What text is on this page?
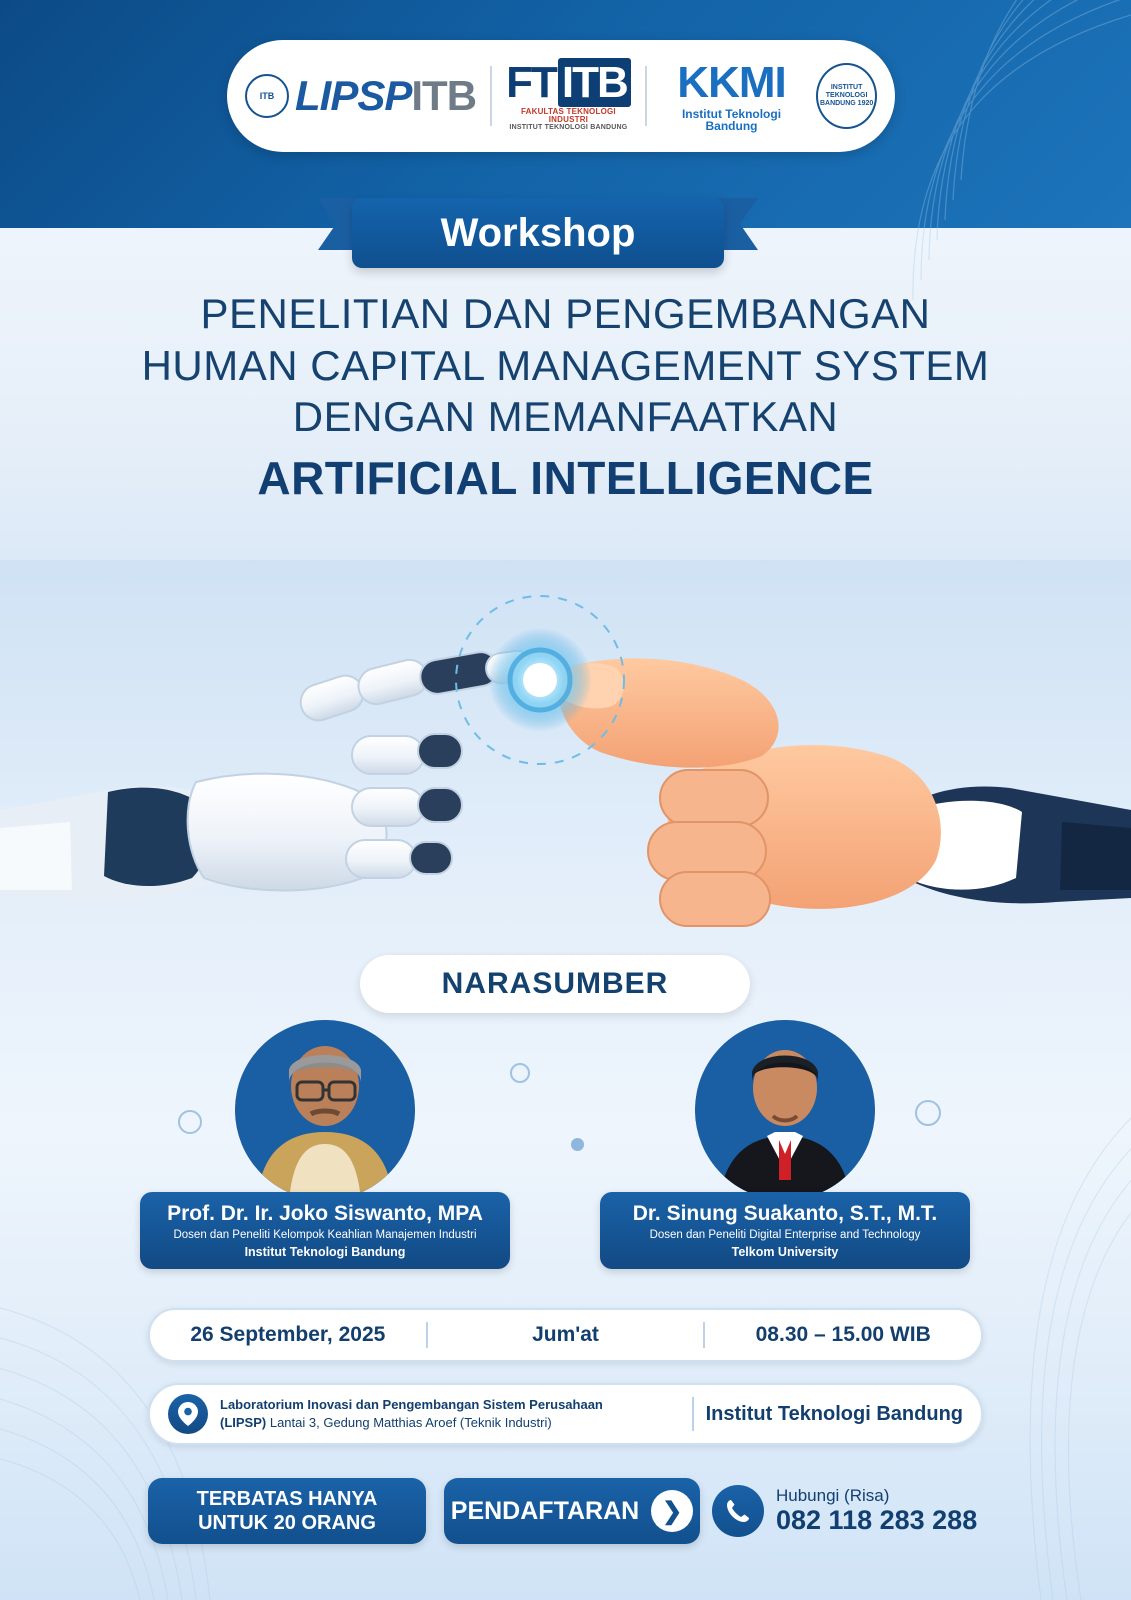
ITB LIPSPITB FT ITB
FAKULTAS TEKNOLOGI INDUSTRI
INSTITUT TEKNOLOGI BANDUNG
KKMI
Institut Teknologi Bandung
INSTITUT TEKNOLOGI BANDUNG 1920
Workshop
PENELITIAN DAN PENGEMBANGAN
HUMAN CAPITAL MANAGEMENT SYSTEM
DENGAN MEMANFAATKAN
ARTIFICIAL INTELLIGENCE
NARASUMBER
Prof. Dr. Ir. Joko Siswanto, MPA
Dosen dan Peneliti Kelompok Keahlian Manajemen Industri
Institut Teknologi Bandung
Dr. Sinung Suakanto, S.T., M.T.
Dosen dan Peneliti Digital Enterprise and Technology
Telkom University
26 September, 2025	Jum'at	08.30 – 15.00 WIB
Laboratorium Inovasi dan Pengembangan Sistem Perusahaan
(LIPSP) Lantai 3, Gedung Matthias Aroef (Teknik Industri)	Institut Teknologi Bandung
TERBATAS HANYA
UNTUK 20 ORANG	PENDAFTARAN ❯
Hubungi (Risa)
082 118 283 288
